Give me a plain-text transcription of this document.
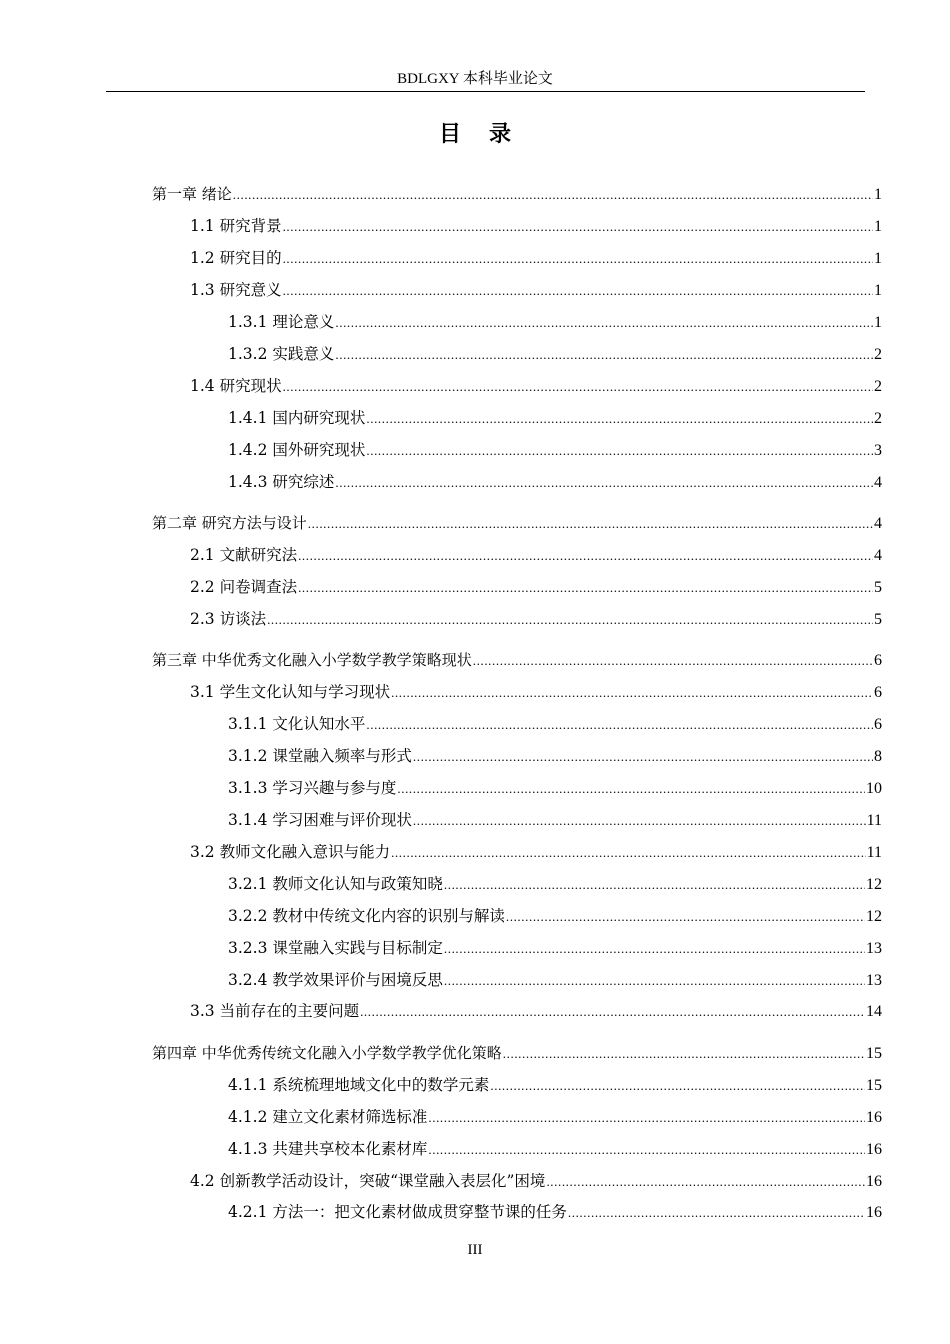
BDLGXY 本科毕业论文
目录
第一章 绪论 .....	1
1.1 研究背景 .....	1
1.2 研究目的 .....	1
1.3 研究意义 .....	1
1.3.1 理论意义 .....	1
1.3.2 实践意义 .....	2
1.4 研究现状 .....	2
1.4.1 国内研究现状 .....	2
1.4.2 国外研究现状 .....	3
1.4.3 研究综述 .....	4
第二章 研究方法与设计 .....	4
2.1 文献研究法 .....	4
2.2 问卷调查法 .....	5
2.3 访谈法 .....	5
第三章 中华优秀文化融入小学数学教学策略现状 .....	6
3.1 学生文化认知与学习现状 .....	6
3.1.1 文化认知水平 .....	6
3.1.2 课堂融入频率与形式 .....	8
3.1.3 学习兴趣与参与度 .....	10
3.1.4 学习困难与评价现状 .....	11
3.2 教师文化融入意识与能力 .....	11
3.2.1 教师文化认知与政策知晓 .....	12
3.2.2 教材中传统文化内容的识别与解读 .....	12
3.2.3 课堂融入实践与目标制定 .....	13
3.2.4 教学效果评价与困境反思 .....	13
3.3 当前存在的主要问题 .....	14
第四章 中华优秀传统文化融入小学数学教学优化策略 .....	15
4.1.1 系统梳理地域文化中的数学元素 .....	15
4.1.2 建立文化素材筛选标准 .....	16
4.1.3 共建共享校本化素材库 .....	16
4.2 创新教学活动设计，突破“课堂融入表层化”困境 .....	16
4.2.1 方法一：把文化素材做成贯穿整节课的任务 .....	16
III
